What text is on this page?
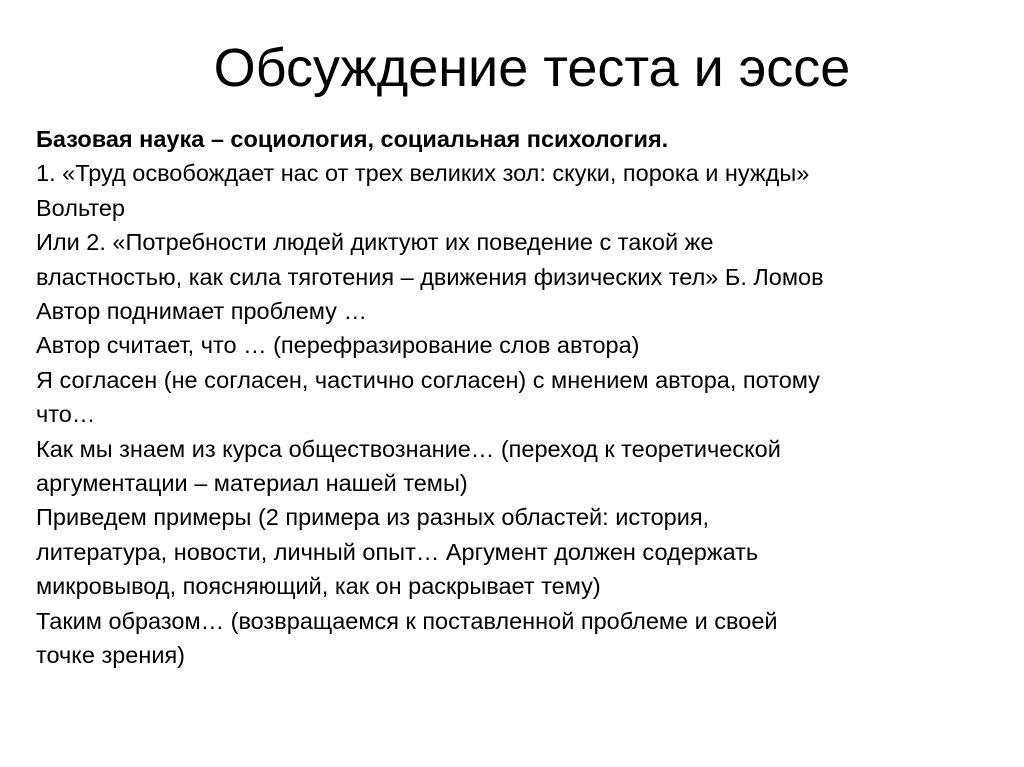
Обсуждение теста и эссе
Базовая наука – социология, социальная психология.
1. «Труд освобождает нас от трех великих зол: скуки, порока и нужды»
Вольтер
Или 2. «Потребности людей диктуют их поведение с такой же
властностью, как сила тяготения – движения физических тел» Б. Ломов
Автор поднимает проблему …
Автор считает, что … (перефразирование слов автора)
Я согласен (не согласен, частично согласен) с мнением автора, потому
что…
Как мы знаем из курса обществознание… (переход к теоретической
аргументации – материал нашей темы)
Приведем примеры (2 примера из разных областей: история,
литература, новости, личный опыт… Аргумент должен содержать
микровывод, поясняющий, как он раскрывает тему)
Таким образом… (возвращаемся к поставленной проблеме и своей
точке зрения)
